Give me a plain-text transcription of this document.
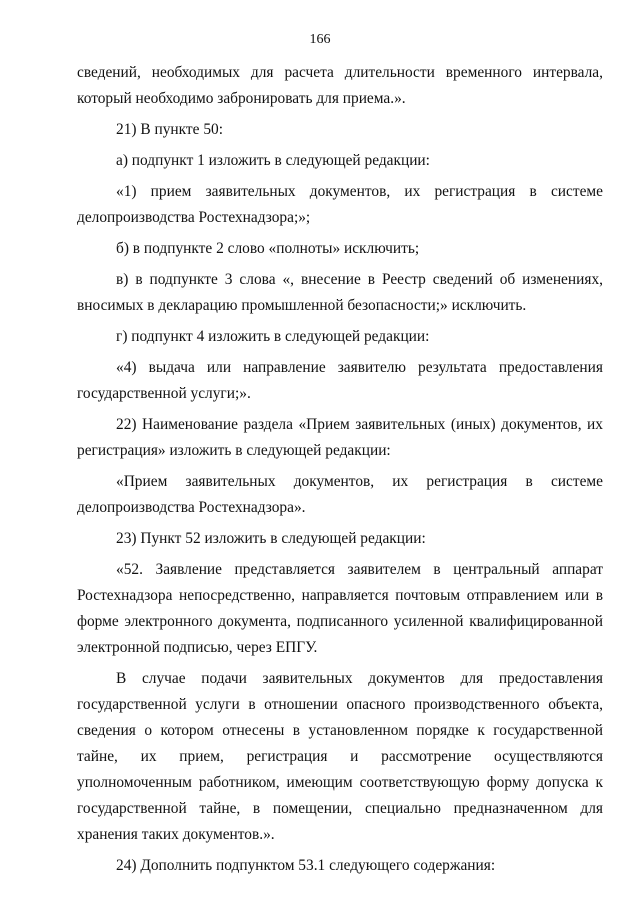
166

сведений, необходимых для расчета длительности временного интервала, который необходимо забронировать для приема.».

21) В пункте 50:

а) подпункт 1 изложить в следующей редакции:

«1) прием заявительных документов, их регистрация в системе делопроизводства Ростехнадзора;»;

б) в подпункте 2 слово «полноты» исключить;

в) в подпункте 3 слова «, внесение в Реестр сведений об изменениях, вносимых в декларацию промышленной безопасности;» исключить.

г) подпункт 4 изложить в следующей редакции:

«4) выдача или направление заявителю результата предоставления государственной услуги;».

22) Наименование раздела «Прием заявительных (иных) документов, их регистрация» изложить в следующей редакции:

«Прием заявительных документов, их регистрация в системе делопроизводства Ростехнадзора».

23) Пункт 52 изложить в следующей редакции:

«52. Заявление представляется заявителем в центральный аппарат Ростехнадзора непосредственно, направляется почтовым отправлением или в форме электронного документа, подписанного усиленной квалифицированной электронной подписью, через ЕПГУ.

В случае подачи заявительных документов для предоставления государственной услуги в отношении опасного производственного объекта, сведения о котором отнесены в установленном порядке к государственной тайне, их прием, регистрация и рассмотрение осуществляются уполномоченным работником, имеющим соответствующую форму допуска к государственной тайне, в помещении, специально предназначенном для хранения таких документов.».

24) Дополнить подпунктом 53.1 следующего содержания:
